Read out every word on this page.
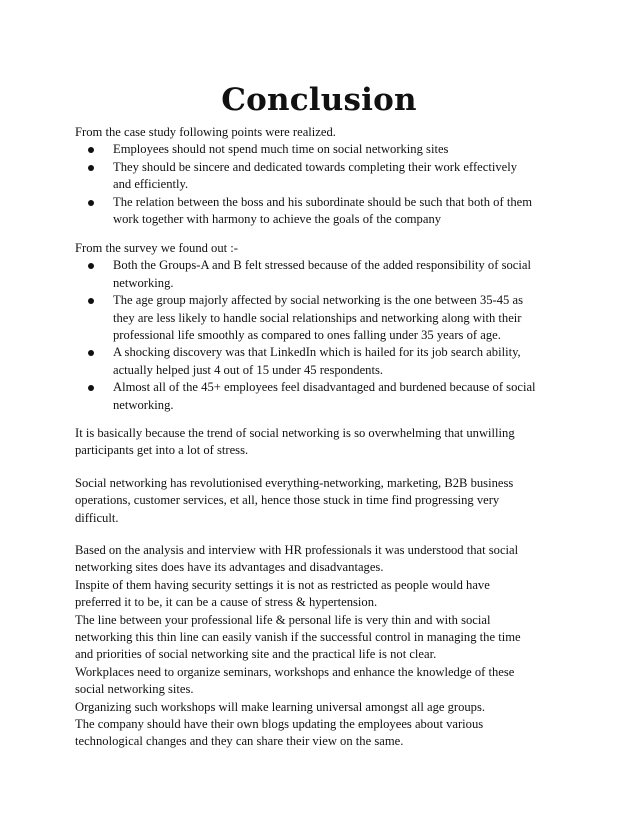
Conclusion

From the case study following points were realized.

Employees should not spend much time on social networking sites

They should be sincere and dedicated towards completing their work effectively

and efficiently.

The relation between the boss and his subordinate should be such that both of them

work together with harmony to achieve the goals of the company

From the survey we found out :-

Both the Groups-A and B felt stressed because of the added responsibility of social

networking.

The age group majorly affected by social networking is the one between 35-45 as

they are less likely to handle social relationships and networking along with their

professional life smoothly as compared to ones falling under 35 years of age.

A shocking discovery was that LinkedIn which is hailed for its job search ability,

actually helped just 4 out of 15 under 45 respondents.

Almost all of the 45+ employees feel disadvantaged and burdened because of social

networking.

It is basically because the trend of social networking is so overwhelming that unwilling

participants get into a lot of stress.

Social networking has revolutionised everything-networking, marketing, B2B business

operations, customer services, et all, hence those stuck in time find progressing very

difficult.

Based on the analysis and interview with HR professionals it was understood that social

networking sites does have its advantages and disadvantages.

Inspite of them having security settings it is not as restricted as people would have

preferred it to be, it can be a cause of stress & hypertension.

The line between your professional life & personal life is very thin and with social

networking this thin line can easily vanish if the successful control in managing the time

and priorities of social networking site and the practical life is not clear.

Workplaces need to organize seminars, workshops and enhance the knowledge of these

social networking sites.

Organizing such workshops will make learning universal amongst all age groups.

The company should have their own blogs updating the employees about various

technological changes and they can share their view on the same.
